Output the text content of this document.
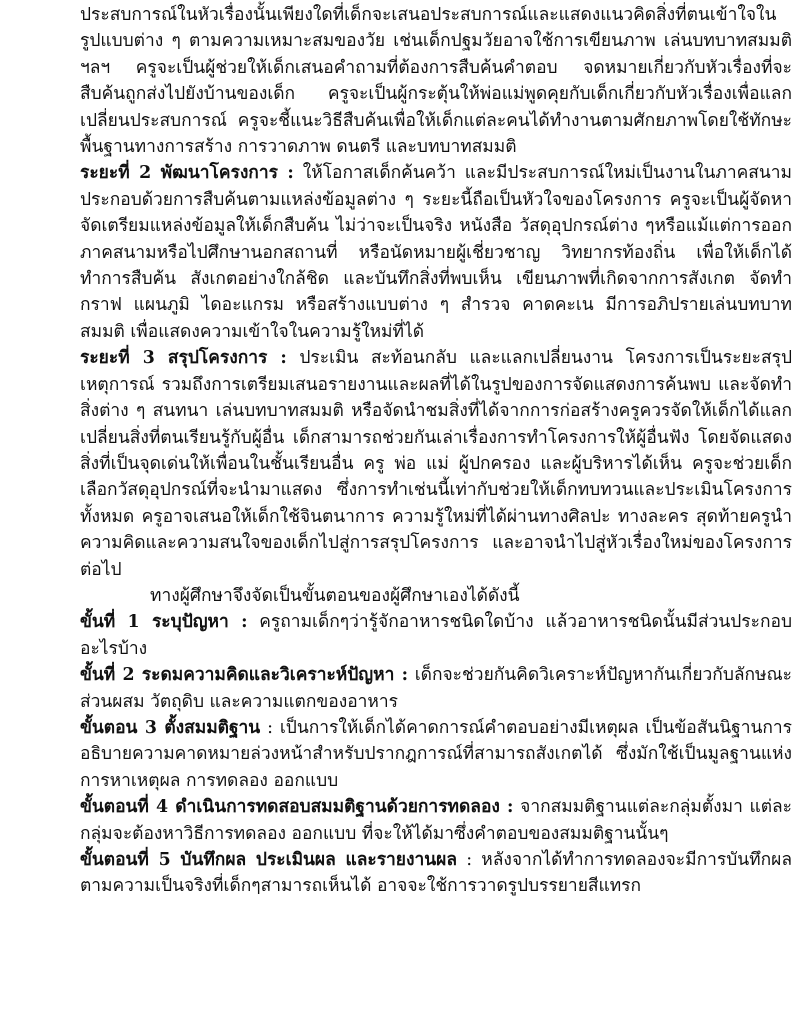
ประสบการณ์ในหัวเรื่องนั้นเพียงใดที่เด็กจะเสนอประสบการณ์และแสดงแนวคิดสิ่งที่ตนเข้าใจในรูปแบบต่าง ๆ ตามความเหมาะสมของวัย เช่นเด็กปฐมวัยอาจใช้การเขียนภาพ เล่นบทบาทสมมติ ฯลฯ ครูจะเป็นผู้ช่วยให้เด็กเสนอคำถามที่ต้องการสืบค้นคำตอบ จดหมายเกี่ยวกับหัวเรื่องที่จะสืบค้นถูกส่งไปยังบ้านของเด็ก ครูจะเป็นผู้กระตุ้นให้พ่อแม่พูดคุยกับเด็กเกี่ยวกับหัวเรื่องเพื่อแลกเปลี่ยนประสบการณ์ ครูจะชี้แนะวิธีสืบค้นเพื่อให้เด็กแต่ละคนได้ทำงานตามศักยภาพโดยใช้ทักษะพื้นฐานทางการสร้าง การวาดภาพ ดนตรี และบทบาทสมมติ

ระยะที่ 2 พัฒนาโครงการ : ให้โอกาสเด็กค้นคว้า และมีประสบการณ์ใหม่เป็นงานในภาคสนาม ประกอบด้วยการสืบค้นตามแหล่งข้อมูลต่าง ๆ ระยะนี้ถือเป็นหัวใจของโครงการ ครูจะเป็นผู้จัดหา จัดเตรียมแหล่งข้อมูลให้เด็กสืบค้น ไม่ว่าจะเป็นจริง หนังสือ วัสดุอุปกรณ์ต่าง ๆหรือแม้แต่การออกภาคสนามหรือไปศึกษานอกสถานที่ หรือนัดหมายผู้เชี่ยวชาญ วิทยากรท้องถิ่น เพื่อให้เด็กได้ทำการสืบค้น สังเกตอย่างใกล้ชิด และบันทึกสิ่งที่พบเห็น เขียนภาพที่เกิดจากการสังเกต จัดทำกราฟ แผนภูมิ ไดอะแกรม หรือสร้างแบบต่าง ๆ สำรวจ คาดคะเน มีการอภิปรายเล่นบทบาทสมมติ เพื่อแสดงความเข้าใจในความรู้ใหม่ที่ได้

ระยะที่ 3 สรุปโครงการ : ประเมิน สะท้อนกลับ และแลกเปลี่ยนงาน โครงการเป็นระยะสรุปเหตุการณ์ รวมถึงการเตรียมเสนอรายงานและผลที่ได้ในรูปของการจัดแสดงการค้นพบ และจัดทำสิ่งต่าง ๆ สนทนา เล่นบทบาทสมมติ หรือจัดนำชมสิ่งที่ได้จากการก่อสร้างครูควรจัดให้เด็กได้แลกเปลี่ยนสิ่งที่ตนเรียนรู้กับผู้อื่น เด็กสามารถช่วยกันเล่าเรื่องการทำโครงการให้ผู้อื่นฟัง โดยจัดแสดงสิ่งที่เป็นจุดเด่นให้เพื่อนในชั้นเรียนอื่น ครู พ่อ แม่ ผู้ปกครอง และผู้บริหารได้เห็น ครูจะช่วยเด็กเลือกวัสดุอุปกรณ์ที่จะนำมาแสดง ซึ่งการทำเช่นนี้เท่ากับช่วยให้เด็กทบทวนและประเมินโครงการทั้งหมด ครูอาจเสนอให้เด็กใช้จินตนาการ ความรู้ใหม่ที่ได้ผ่านทางศิลปะ ทางละคร สุดท้ายครูนำความคิดและความสนใจของเด็กไปสู่การสรุปโครงการ และอาจนำไปสู่หัวเรื่องใหม่ของโครงการต่อไป

ทางผู้ศึกษาจึงจัดเป็นขั้นตอนของผู้ศึกษาเองได้ดังนี้

ขั้นที่ 1 ระบุปัญหา : ครูถามเด็กๆว่ารู้จักอาหารชนิดใดบ้าง แล้วอาหารชนิดนั้นมีส่วนประกอบอะไรบ้าง

ขั้นที่ 2 ระดมความคิดและวิเคราะห์ปัญหา : เด็กจะช่วยกันคิดวิเคราะห์ปัญหากันเกี่ยวกับลักษณะส่วนผสม วัตถุดิบ และความแตกของอาหาร

ขั้นตอน 3 ตั้งสมมติฐาน : เป็นการให้เด็กได้คาดการณ์คำตอบอย่างมีเหตุผล เป็นข้อสันนิฐานการอธิบายความคาดหมายล่วงหน้าสำหรับปรากฎการณ์ที่สามารถสังเกตได้ ซึ่งมักใช้เป็นมูลฐานแห่งการหาเหตุผล การทดลอง ออกแบบ

ขั้นตอนที่ 4 ดำเนินการทดสอบสมมติฐานด้วยการทดลอง : จากสมมติฐานแต่ละกลุ่มตั้งมา แต่ละกลุ่มจะต้องหาวิธีการทดลอง ออกแบบ ที่จะให้ได้มาซึ่งคำตอบของสมมติฐานนั้นๆ

ขั้นตอนที่ 5 บันทึกผล ประเมินผล และรายงานผล : หลังจากได้ทำการทดลองจะมีการบันทึกผลตามความเป็นจริงที่เด็กๆสามารถเห็นได้ อาจจะใช้การวาดรูปบรรยายสีแทรก
